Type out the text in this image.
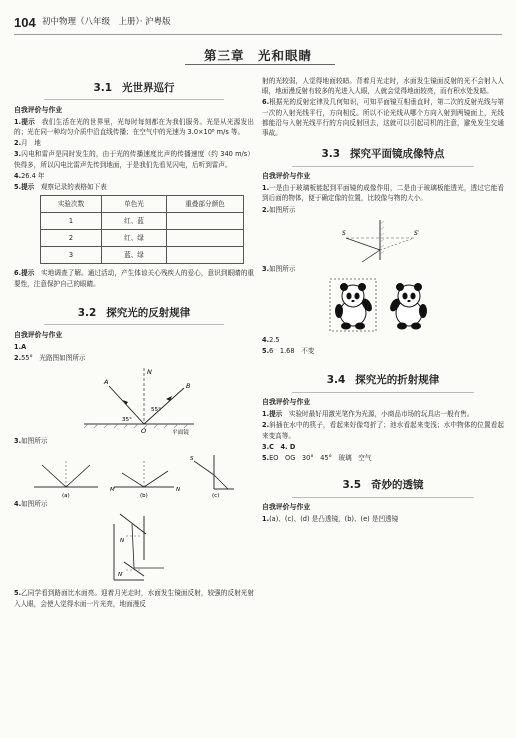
104 初中物理（八年级　上册）· 沪粤版
第三章　光和眼睛
3.1 光世界巡行
自我评价与作业

1.提示　 我们生活在光的世界里，光每时每刻都在为我们服务。光是从光源发出的；光在同一种均匀介质中沿直线传播；在空气中的光速为 3.0×10⁸ m/s 等。

2.月　地

3.闪电和雷声是同时发生的，由于光的传播速度比声的传播速度（约 340 m/s）快得多，所以闪电比雷声先传到地面，于是我们先看见闪电，后听到雷声。

4.26.4 年

5.提示　 观察记录的表格如下表

实验次数	单色光	重叠部分颜色
1	红、蓝	
2	红、绿	
3	蓝、绿	

6.提示　 实地调查了解。通过活动，产生体谅关心残疾人的爱心，意识到眼睛的重要性，注意保护自己的眼睛。

3.2 探究光的反射规律
自我评价与作业

1.A

2.55°　光路图如图所示

N
A	B
O
35°
55°
平面镜

3.如图所示

(a)
M	N
(b)
S
(c)

4.如图所示

N
N′

5.乙同学看到路面比水面亮。迎着月光走时，水面发生镜面反射，较强的反射光射入人眼，会使人觉得水面一片光亮，地面漫反

射的光较弱，人觉得地面较暗。背着月光走时，水面发生镜面反射的光不会射入人眼，地面漫反射有较多的光进入人眼，人就会觉得地面较亮，而有积水处发暗。

6.根据光的反射定律及几何知识，可知平面镜互相垂直时，第二次的反射光线与第一次的入射光线平行，方向相反。所以不论光线从哪个方向入射到两镜面上，光线都能沿与入射光线平行的方向反射回去，这就可以引起司机的注意，避免发生交通事故。

3.3 探究平面镜成像特点
自我评价与作业

1.一是由于玻璃板能起到平面镜的成像作用，二是由于玻璃板能透光，透过它能看到后面的物体，便于确定像的位置，比较像与物的大小。

2.如图所示

S	S′

3.如图所示

4.2.5

5.6　1.68　不变

3.4 探究光的折射规律
自我评价与作业

1.提示　 实验时最好用激光笔作为光源，小商品市场的玩具店一般有售。

2.斜插在水中的筷子，看起来好像弯折了；池水看起来变浅；水中物体的位置看起来变高等。

3.C　4. D

5.EO　OG　30°　45°　玻璃　空气

3.5 奇妙的透镜
自我评价与作业

1.(a)、(c)、(d) 是凸透镜，(b)、(e) 是凹透镜
